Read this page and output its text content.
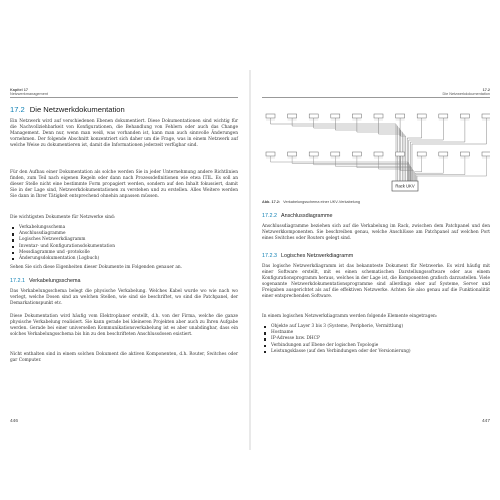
Kapitel 17
Netzwerkmanagement
17.2 Die Netzwerkdokumentation
Ein Netzwerk wird auf verschiedenen Ebenen dokumentiert. Diese Dokumentationen sind wichtig für die Nachvollziehbarkeit von Konfigurationen, die Behandlung von Fehlern oder auch das Change Management. Denn nur, wenn man weiß, was vorhanden ist, kann man auch sinnvolle Änderungen vornehmen. Der folgende Abschnitt konzentriert sich daher um die Frage, was in einem Netzwerk auf welche Weise zu dokumentieren ist, damit die Informationen jederzeit verfügbar sind.
Für den Aufbau einer Dokumentation als solche werden Sie in jeder Unternehmung andere Richtlinien finden, zum Teil nach eigenen Regeln oder dann nach Prozessdefinitionen wie etwa ITIL. Es soll an dieser Stelle nicht eine bestimmte Form propagiert werden, sondern auf den Inhalt fokussiert, damit Sie in der Lage sind, Netzwerkdokumentationen zu verstehen und zu erstellen. Alles Weitere werden Sie dann in Ihrer Tätigkeit entsprechend ohnehin anpassen müssen.
Die wichtigsten Dokumente für Netzwerke sind:
Verkabelungsschema
Anschlussdiagramme
Logisches Netzwerkdiagramm
Inventar- und Konfigurationsdokumentation
Messdiagramme und -protokolle
Änderungsdokumentation (Logbuch)
Sehen Sie sich diese Eigenheiten dieser Dokumente im Folgenden genauer an.
17.2.1 Verkabelungsschema
Das Verkabelungsschema belegt die physische Verkabelung. Welches Kabel wurde wo wie nach wo verlegt, welche Dosen sind an welchen Stellen, wie sind sie beschriftet, wo sind die Patchpanel, der Demarkationspunkt etc.
Diese Dokumentation wird häufig vom Elektroplaner erstellt, d.h. von der Firma, welche die ganze physische Verkabelung realisiert. Sie kann gerade bei kleineren Projekten aber auch zu Ihren Aufgabe werden. Gerade bei einer universellen Kommunikationsverkabelung ist es aber unabdingbar, dass ein solches Verkabelungsschema bis hin zu den beschrifteten Anschlussdosen existiert.
Nicht enthalten sind in einem solchen Dokument die aktiven Komponenten, d.h. Router, Switches oder gar Computer.
446
17.2
Die Netzwerkdokumentation
Rack UKV
Abb. 17.2: Verkabelungsschema einer UKV-Verkabelung
17.2.2 Anschlussdiagramme
Anschlussdiagramme beziehen sich auf die Verkabelung im Rack, zwischen dem Patchpanel und den Netzwerkkomponenten. Sie beschreiben genau, welche Anschlüsse am Patchpanel auf welchen Port eines Switches oder Routers gelegt sind.
17.2.3 Logisches Netzwerkdiagramm
Das logische Netzwerkdiagramm ist das bekannteste Dokument für Netzwerke. Es wird häufig mit einer Software erstellt, mit es einen schematischen Darstellungssoftware oder aus einem Konfigurationsprogramm heraus, welches in der Lage ist, die Komponenten grafisch darzustellen. Viele sogenannte Netzwerkdokumentationsprogramme sind allerdings eher auf Systeme, Server und Freigaben ausgerichtet als auf die effektiven Netzwerke. Achten Sie also genau auf die Funktionalität einer entsprechenden Software.
In einem logischen Netzwerkdiagramm werden folgende Elemente eingetragen:
Objekte auf Layer 3 bis 3 (Systeme, Peripherie, Vermittlung)
Hostname
IP-Adresse bzw. DHCP
Verbindungen auf Ebene der logischen Topologie
Leistungsklasse (auf den Verbindungen oder der Versionierung)
447
